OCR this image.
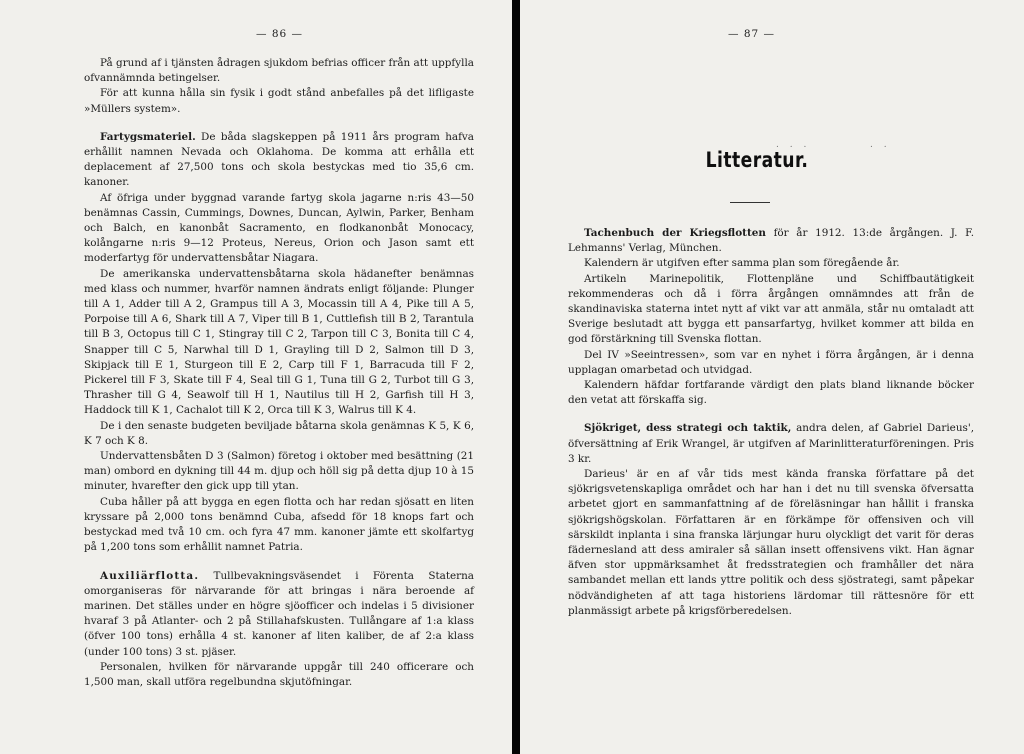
— 86 —

På grund af i tjänsten ådragen sjukdom befrias officer från att uppfylla ofvannämnda betingelser.

För att kunna hålla sin fysik i godt stånd anbefalles på det lifligaste »Müllers system».

Fartygsmateriel. De båda slagskeppen på 1911 års program hafva erhållit namnen Nevada och Oklahoma. De komma att erhålla ett deplacement af 27,500 tons och skola bestyckas med tio 35,6 cm. kanoner.

Af öfriga under byggnad varande fartyg skola jagarne n:ris 43—50 benämnas Cassin, Cummings, Downes, Duncan, Aylwin, Parker, Benham och Balch, en kanonbåt Sacramento, en flodkanonbåt Monocacy, kolångarne n:ris 9—12 Proteus, Nereus, Orion och Jason samt ett moderfartyg för undervattensbåtar Niagara.

De amerikanska undervattensbåtarna skola hädanefter benämnas med klass och nummer, hvarför namnen ändrats enligt följande: Plunger till A 1, Adder till A 2, Grampus till A 3, Mocassin till A 4, Pike till A 5, Porpoise till A 6, Shark till A 7, Viper till B 1, Cuttlefish till B 2, Tarantula till B 3, Octopus till C 1, Stingray till C 2, Tarpon till C 3, Bonita till C 4, Snapper till C 5, Narwhal till D 1, Grayling till D 2, Salmon till D 3, Skipjack till E 1, Sturgeon till E 2, Carp till F 1, Barracuda till F 2, Pickerel till F 3, Skate till F 4, Seal till G 1, Tuna till G 2, Turbot till G 3, Thrasher till G 4, Seawolf till H 1, Nautilus till H 2, Garfish till H 3, Haddock till K 1, Cachalot till K 2, Orca till K 3, Walrus till K 4.

De i den senaste budgeten beviljade båtarna skola genämnas K 5, K 6, K 7 och K 8.

Undervattensbåten D 3 (Salmon) företog i oktober med besättning (21 man) ombord en dykning till 44 m. djup och höll sig på detta djup 10 à 15 minuter, hvarefter den gick upp till ytan.

Cuba håller på att bygga en egen flotta och har redan sjösatt en liten kryssare på 2,000 tons benämnd Cuba, afsedd för 18 knops fart och bestyckad med två 10 cm. och fyra 47 mm. kanoner jämte ett skolfartyg på 1,200 tons som erhållit namnet Patria.

Auxiliärflotta. Tullbevakningsväsendet i Förenta Staterna omorganiseras för närvarande för att bringas i nära beroende af marinen. Det ställes under en högre sjöofficer och indelas i 5 divisioner hvaraf 3 på Atlanter- och 2 på Stillahafskusten. Tullångare af 1:a klass (öfver 100 tons) erhålla 4 st. kanoner af liten kaliber, de af 2:a klass (under 100 tons) 3 st. pjäser.

Personalen, hvilken för närvarande uppgår till 240 officerare och 1,500 man, skall utföra regelbundna skjutöfningar.

— 87 —
. . .	. .
Litteratur.

Tachenbuch der Kriegsflotten för år 1912. 13:de årgången. J. F. Lehmanns' Verlag, München.

Kalendern är utgifven efter samma plan som föregående år.

Artikeln Marinepolitik, Flottenpläne und Schiffbautätigkeit rekommenderas och då i förra årgången omnämndes att från de skandinaviska staterna intet nytt af vikt var att anmäla, står nu omtaladt att Sverige beslutadt att bygga ett pansarfartyg, hvilket kommer att bilda en god förstärkning till Svenska flottan.

Del IV »Seeintressen», som var en nyhet i förra årgången, är i denna upplagan omarbetad och utvidgad.

Kalendern häfdar fortfarande värdigt den plats bland liknande böcker den vetat att förskaffa sig.

Sjökriget, dess strategi och taktik, andra delen, af Gabriel Darieus', öfversättning af Erik Wrangel, är utgifven af Marinlitteraturföreningen. Pris 3 kr.

Darieus' är en af vår tids mest kända franska författare på det sjökrigsvetenskapliga området och har han i det nu till svenska öfversatta arbetet gjort en sammanfattning af de föreläsningar han hållit i franska sjökrigshögskolan. Författaren är en förkämpe för offensiven och vill särskildt inplanta i sina franska lärjungar huru olyckligt det varit för deras fädernesland att dess amiraler så sällan insett offensivens vikt. Han ägnar äfven stor uppmärksamhet åt fredsstrategien och framhåller det nära sambandet mellan ett lands yttre politik och dess sjöstrategi, samt påpekar nödvändigheten af att taga historiens lärdomar till rättesnöre för ett planmässigt arbete på krigsförberedelsen.
